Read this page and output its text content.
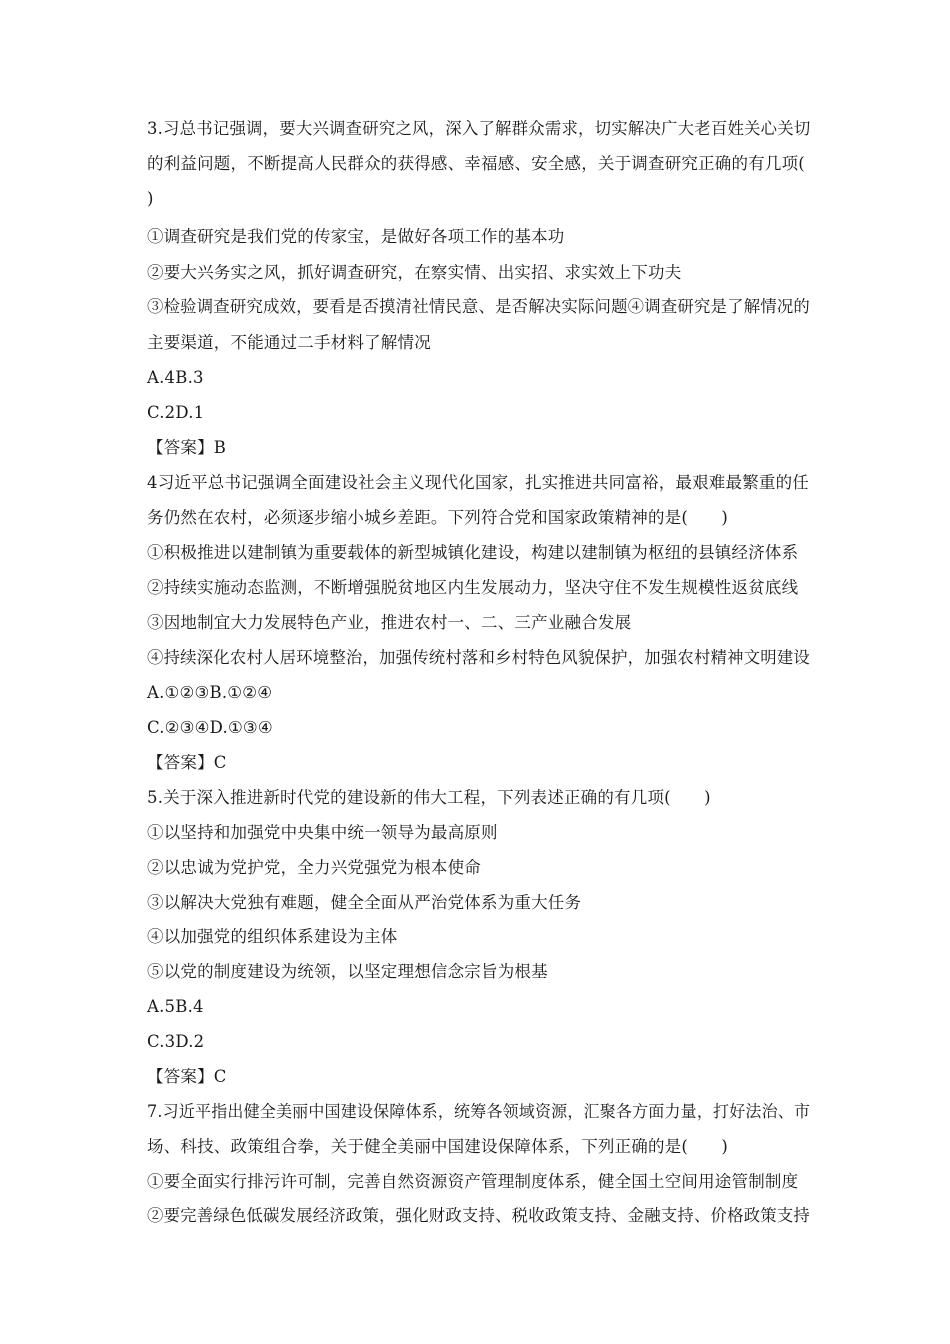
3.习总书记强调，要大兴调查研究之风，深入了解群众需求，切实解决广大老百姓关心关切
的利益问题，不断提高人民群众的获得感、幸福感、安全感，关于调查研究正确的有几项(
)
①调查研究是我们党的传家宝，是做好各项工作的基本功
②要大兴务实之风，抓好调查研究，在察实情、出实招、求实效上下功夫
③检验调查研究成效，要看是否摸清社情民意、是否解决实际问题④调查研究是了解情况的
主要渠道，不能通过二手材料了解情况
A.4B.3
C.2D.1
【答案】B
4习近平总书记强调全面建设社会主义现代化国家，扎实推进共同富裕，最艰难最繁重的任
务仍然在农村，必须逐步缩小城乡差距。下列符合党和国家政策精神的是(　　)
①积极推进以建制镇为重要载体的新型城镇化建设，构建以建制镇为枢纽的县镇经济体系
②持续实施动态监测，不断增强脱贫地区内生发展动力，坚决守住不发生规模性返贫底线
③因地制宜大力发展特色产业，推进农村一、二、三产业融合发展
④持续深化农村人居环境整治，加强传统村落和乡村特色风貌保护，加强农村精神文明建设
A.①②③B.①②④
C.②③④D.①③④
【答案】C
5.关于深入推进新时代党的建设新的伟大工程，下列表述正确的有几项(　　)
①以坚持和加强党中央集中统一领导为最高原则
②以忠诚为党护党，全力兴党强党为根本使命
③以解决大党独有难题，健全全面从严治党体系为重大任务
④以加强党的组织体系建设为主体
⑤以党的制度建设为统领，以坚定理想信念宗旨为根基
A.5B.4
C.3D.2
【答案】C
7.习近平指出健全美丽中国建设保障体系，统筹各领域资源，汇聚各方面力量，打好法治、市
场、科技、政策组合拳，关于健全美丽中国建设保障体系，下列正确的是(　　)
①要全面实行排污许可制，完善自然资源资产管理制度体系，健全国土空间用途管制制度
②要完善绿色低碳发展经济政策，强化财政支持、税收政策支持、金融支持、价格政策支持
